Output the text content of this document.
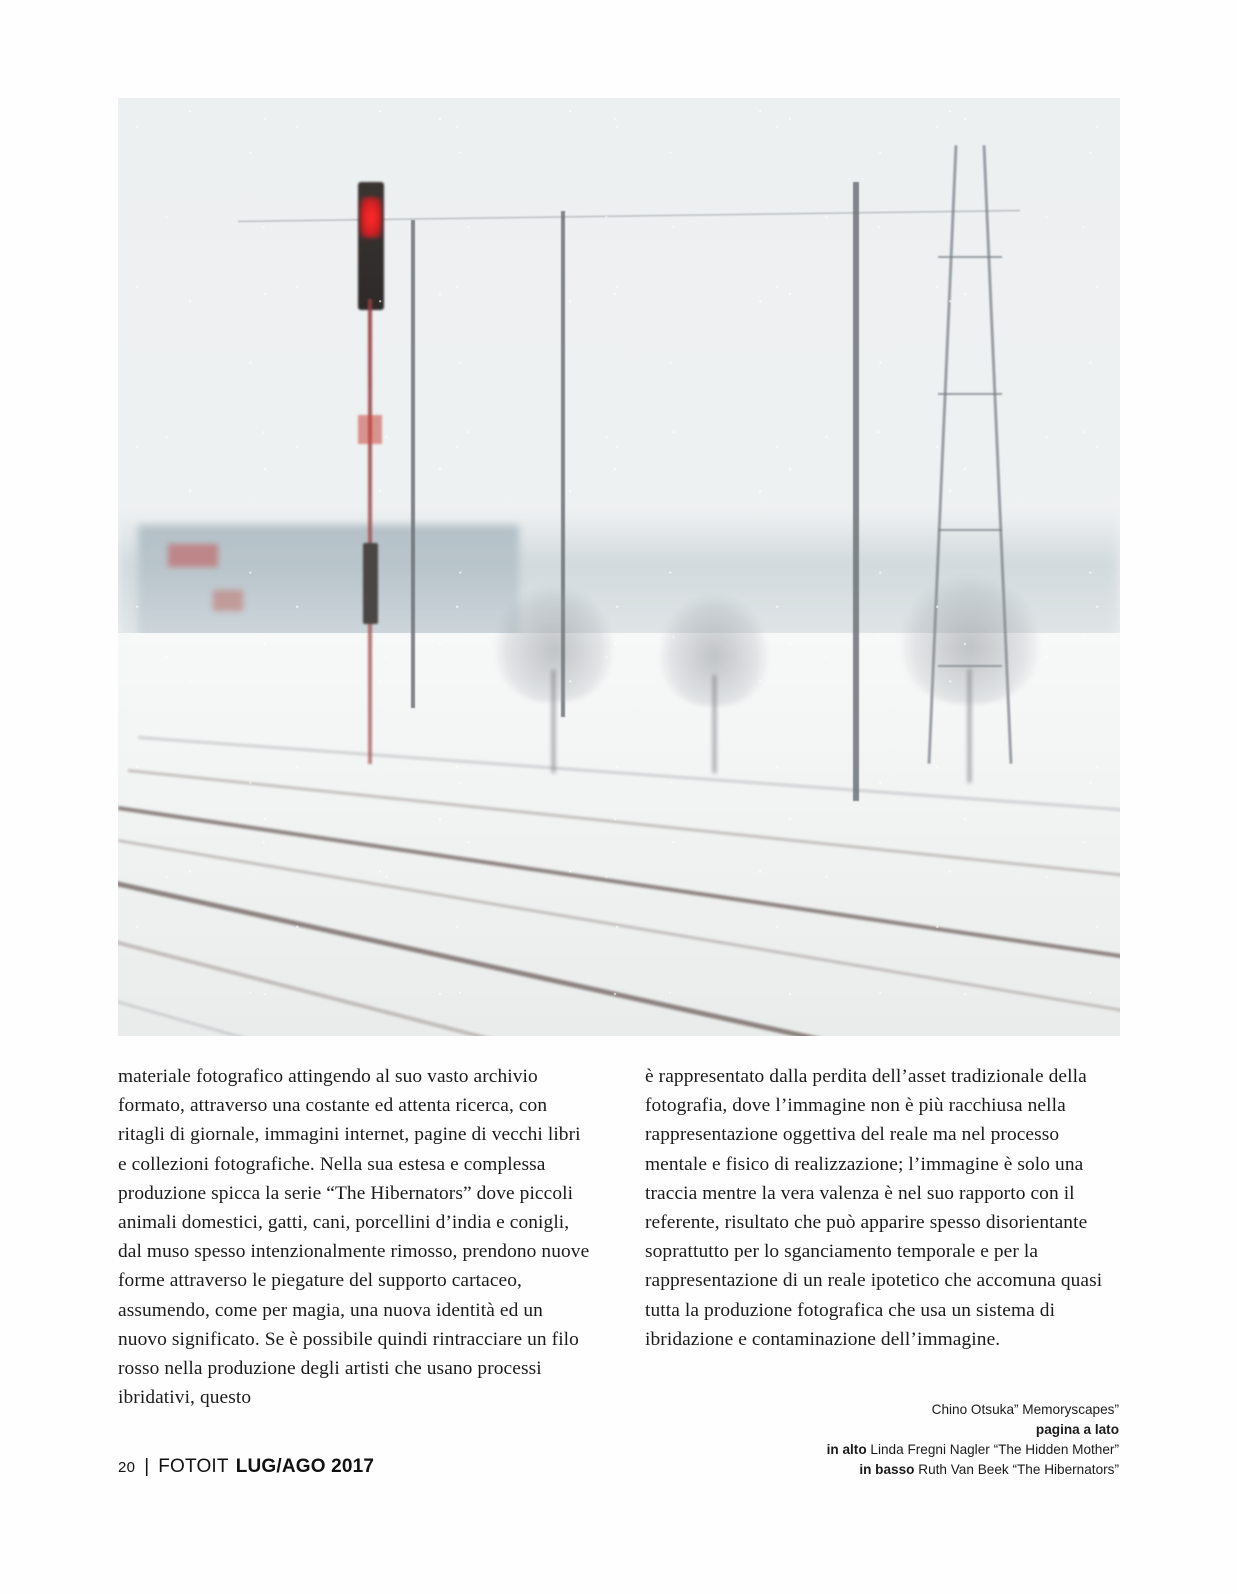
materiale fotografico attingendo al suo vasto archivio formato, attraverso una costante ed attenta ricerca, con ritagli di giornale, immagini internet, pagine di vecchi libri e collezioni fotografiche. Nella sua estesa e complessa produzione spicca la serie “The Hibernators” dove piccoli animali domestici, gatti, cani, porcellini d’india e conigli, dal muso spesso intenzionalmente rimosso, prendono nuove forme attraverso le piegature del supporto cartaceo, assumendo, come per magia, una nuova identità ed un nuovo significato. Se è possibile quindi rintracciare un filo rosso nella produzione degli artisti che usano processi ibridativi, questo

è rappresentato dalla perdita dell’asset tradizionale della fotografia, dove l’immagine non è più racchiusa nella rappresentazione oggettiva del reale ma nel processo mentale e fisico di realizzazione; l’immagine è solo una traccia mentre la vera valenza è nel suo rapporto con il referente, risultato che può apparire spesso disorientante soprattutto per lo sganciamento temporale e per la rappresentazione di un reale ipotetico che accomuna quasi tutta la produzione fotografica che usa un sistema di ibridazione e contaminazione dell’immagine.

Chino Otsuka” Memoryscapes”
pagina a lato
in alto Linda Fregni Nagler “The Hidden Mother”
in basso Ruth Van Beek “The Hibernators”
20 | FOTOIT LUG/AGO 2017
